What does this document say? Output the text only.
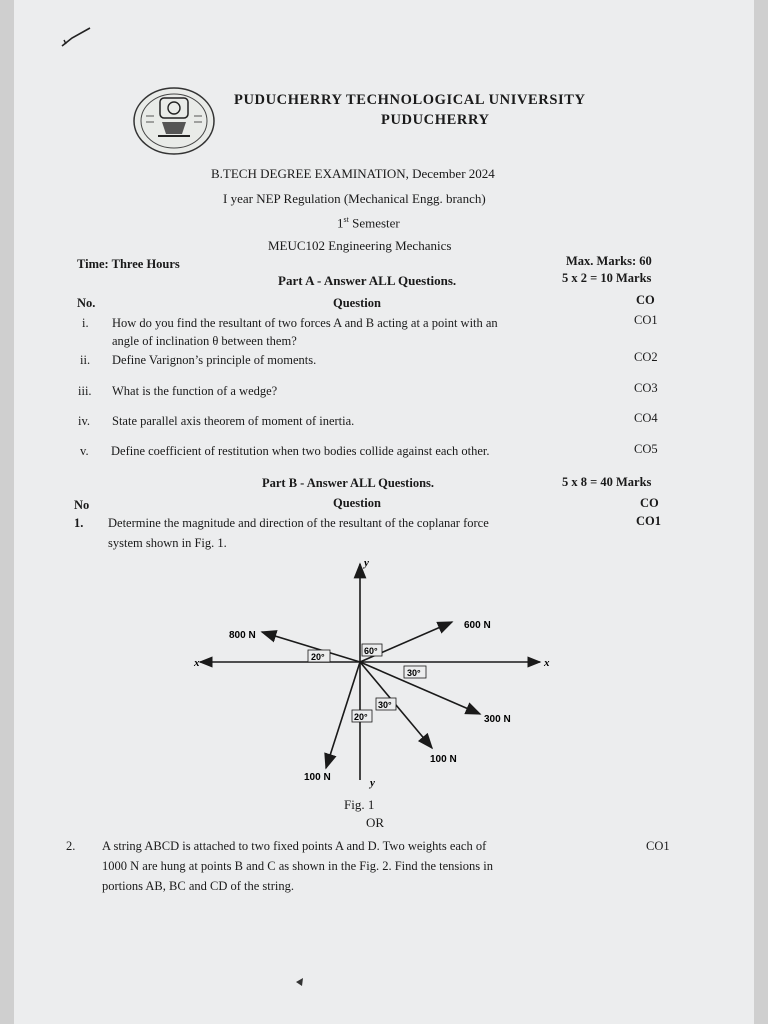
PUDUCHERRY TECHNOLOGICAL UNIVERSITY
PUDUCHERRY
B.TECH DEGREE EXAMINATION, December 2024
I year NEP Regulation (Mechanical Engg. branch)
1st Semester
MEUC102 Engineering Mechanics
Time: Three Hours	Max. Marks: 60
Part A - Answer ALL Questions.	5 x 2 = 10 Marks
No.	Question	CO
i. How do you find the resultant of two forces A and B acting at a point with an
angle of inclination θ between them?
CO1
ii. Define Varignon’s principle of moments.	CO2
iii. What is the function of a wedge?	CO3
iv. State parallel axis theorem of moment of inertia.	CO4
v. Define coefficient of restitution when two bodies collide against each other.	CO5
Part B - Answer ALL Questions.	5 x 8 = 40 Marks
No	Question	CO
1. Determine the magnitude and direction of the resultant of the coplanar force
system shown in Fig. 1.
CO1
20°
60°
30°
30°
20°
800 N
600 N
300 N
100 N
100 N
y
y
x	x
Fig. 1
OR
2. A string ABCD is attached to two fixed points A and D. Two weights each of
1000 N are hung at points B and C as shown in the Fig. 2. Find the tensions in
portions AB, BC and CD of the string.
CO1
